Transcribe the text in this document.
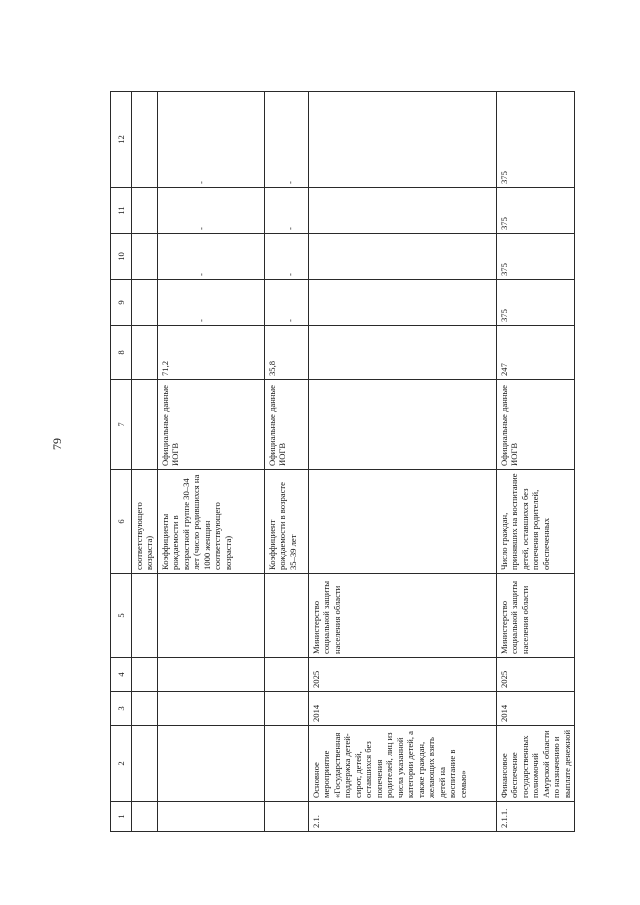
79
1	2	3	4	5	6	7	8	9	10	11	12
					соответствующего возраста)						
					Коэффициенты рождаемости в возрастной группе 30–34 лет (число родившихся на 1000 женщин соответствующего возраста)	Официальные данные ИОГВ	71,2	-	-	-	-

					Коэффициент рождаемости в возрасте 35–39 лет	Официальные данные ИОГВ	35,8	-	-	-	-

2.1.	Основное мероприятие «Государственная поддержка детей-сирот, детей, оставшихся без попечения родителей, лиц из числа указанной категории детей, а также граждан, желающих взять детей на воспитание в семью»	2014	2025	Министерство социальной защиты населения области							
2.1.1.	Финансовое обеспечение государственных полномочий Амурской области по назначению и выплате денежной	2014	2025	Министерство социальной защиты населения области	Число граждан, принявших на воспитание детей, оставшихся без попечения родителей, обеспеченных	Официальные данные ИОГВ	247	375	375	375	375
